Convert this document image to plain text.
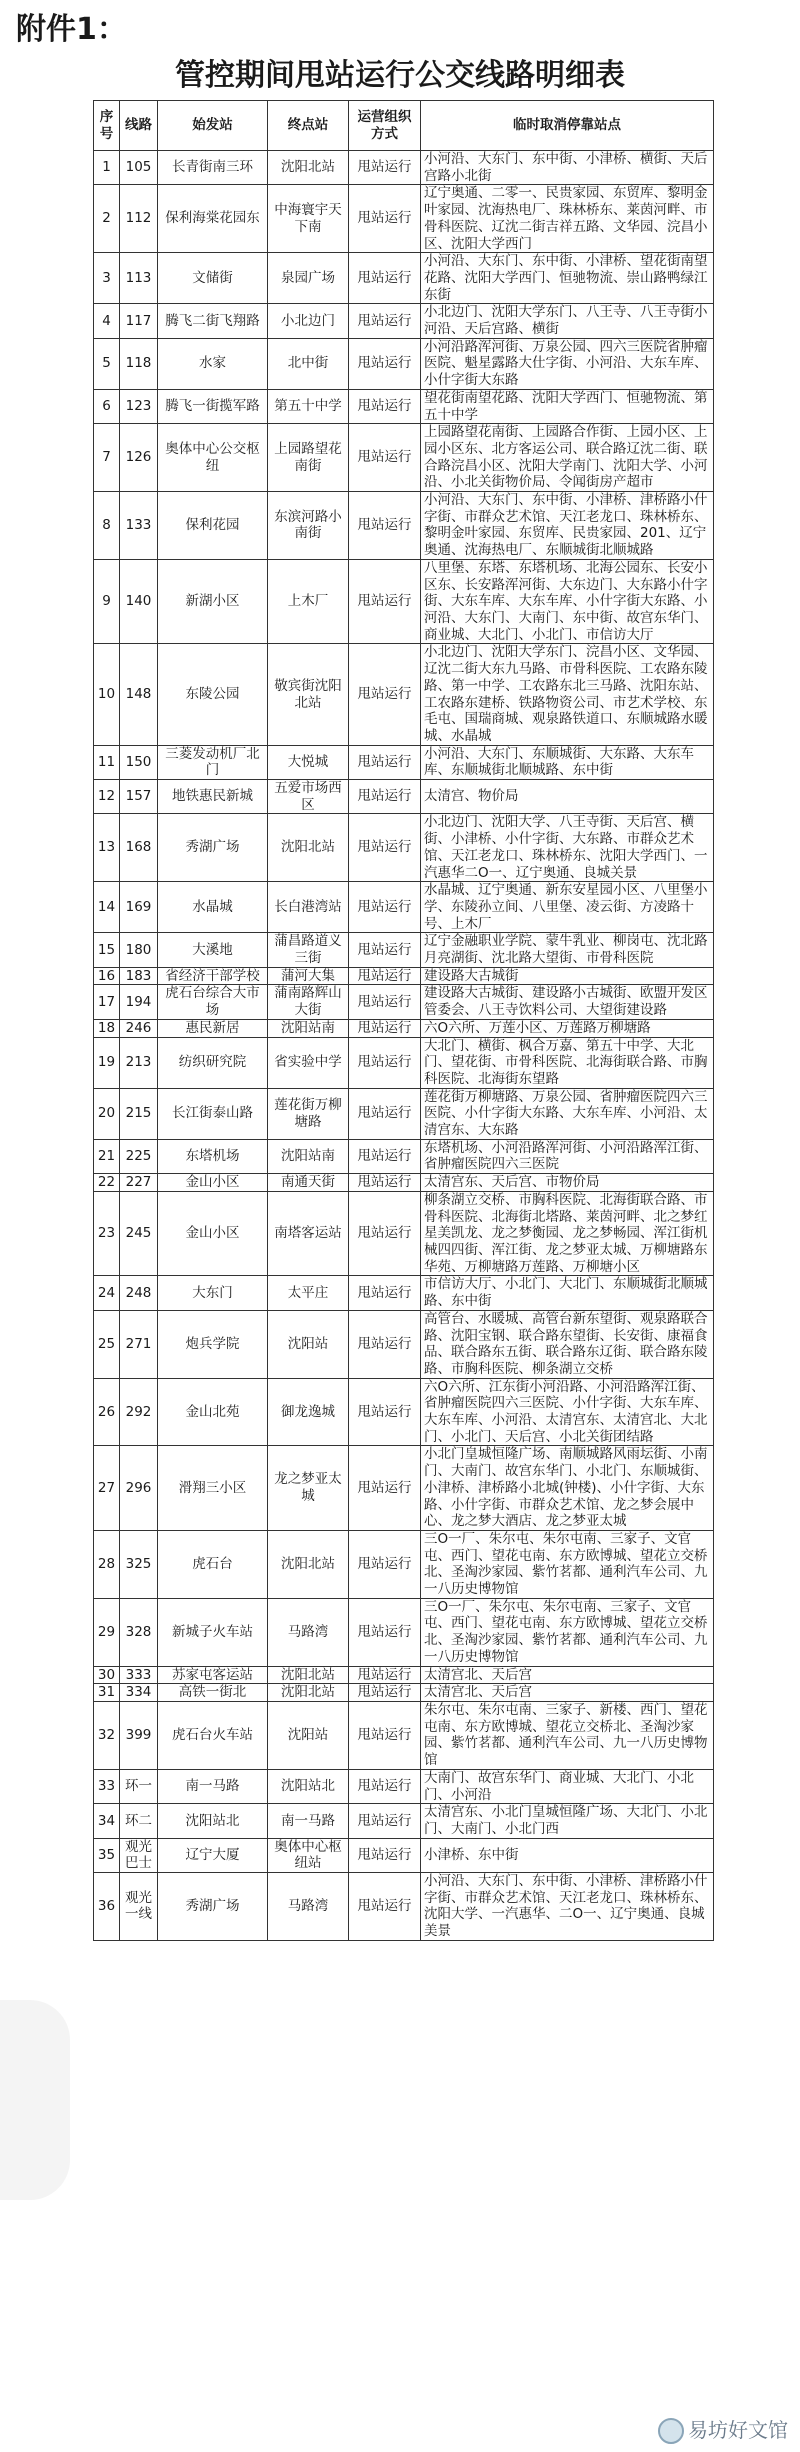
附件1：
管控期间甩站运行公交线路明细表
序号	线路	始发站	终点站	运营组织方式	临时取消停靠站点
1	105	长青街南三环	沈阳北站	甩站运行	小河沿、大东门、东中街、小津桥、横街、天后宫路小北街
2	112	保利海棠花园东	中海寰宇天下南	甩站运行	辽宁奥通、二零一、民贵家园、东贸库、黎明金叶家园、沈海热电厂、珠林桥东、莱茵河畔、市骨科医院、辽沈二街吉祥五路、文华园、浣昌小区、沈阳大学西门
3	113	文储街	泉园广场	甩站运行	小河沿、大东门、东中街、小津桥、望花街南望花路、沈阳大学西门、恒驰物流、崇山路鸭绿江东街
4	117	腾飞二街飞翔路	小北边门	甩站运行	小北边门、沈阳大学东门、八王寺、八王寺街小河沿、天后宫路、横街
5	118	水家	北中街	甩站运行	小河沿路浑河街、万泉公园、四六三医院省肿瘤医院、魁星露路大仕字街、小河沿、大东车库、小什字街大东路
6	123	腾飞一街揽军路	第五十中学	甩站运行	望花街南望花路、沈阳大学西门、恒驰物流、第五十中学
7	126	奥体中心公交枢纽	上园路望花南街	甩站运行	上园路望花南街、上园路合作街、上园小区、上园小区东、北方客运公司、联合路辽沈二街、联合路浣昌小区、沈阳大学南门、沈阳大学、小河沿、小北关街物价局、令闻街房产超市
8	133	保利花园	东滨河路小南街	甩站运行	小河沿、大东门、东中街、小津桥、津桥路小什字街、市群众艺术馆、天江老龙口、珠林桥东、黎明金叶家园、东贸库、民贵家园、201、辽宁奥通、沈海热电厂、东顺城街北顺城路
9	140	新湖小区	上木厂	甩站运行	八里堡、东塔、东塔机场、北海公园东、长安小区东、长安路浑河街、大东边门、大东路小什字街、大东车库、大东车库、小什字街大东路、小河沿、大东门、大南门、东中街、故宫东华门、商业城、大北门、小北门、市信访大厅
10	148	东陵公园	敬宾街沈阳北站	甩站运行	小北边门、沈阳大学东门、浣昌小区、文华园、辽沈二街大东九马路、市骨科医院、工农路东陵路、第一中学、工农路东北三马路、沈阳东站、工农路东建桥、铁路物资公司、市艺术学校、东毛屯、国瑞商城、观泉路铁道口、东顺城路水暖城、水晶城
11	150	三菱发动机厂北门	大悦城	甩站运行	小河沿、大东门、东顺城街、大东路、大东车库、东顺城街北顺城路、东中街
12	157	地铁惠民新城	五爱市场西区	甩站运行	太清宫、物价局
13	168	秀湖广场	沈阳北站	甩站运行	小北边门、沈阳大学、八王寺街、天后宫、横街、小津桥、小什字街、大东路、市群众艺术馆、天江老龙口、珠林桥东、沈阳大学西门、一汽惠华二O一、辽宁奥通、良城关景
14	169	水晶城	长白港湾站	甩站运行	水晶城、辽宁奥通、新东安星园小区、八里堡小学、东陵孙立间、八里堡、凌云街、方凌路十号、上木厂
15	180	大溪地	蒲昌路道义三街	甩站运行	辽宁金融职业学院、蒙牛乳业、柳岗屯、沈北路月亮湖街、沈北路大望街、市骨科医院
16	183	省经济干部学校	蒲河大集	甩站运行	建设路大古城街
17	194	虎石台综合大市场	蒲南路辉山大街	甩站运行	建设路大古城街、建设路小古城街、欧盟开发区管委会、八王寺饮料公司、大望街建设路
18	246	惠民新居	沈阳站南	甩站运行	六O六所、万莲小区、万莲路万柳塘路
19	213	纺织研究院	省实验中学	甩站运行	大北门、横街、枫合万嘉、第五十中学、大北门、望花街、市骨科医院、北海街联合路、市胸科医院、北海街东望路
20	215	长江街泰山路	莲花街万柳塘路	甩站运行	莲花街万柳塘路、万泉公园、省肿瘤医院四六三医院、小什字街大东路、大东车库、小河沿、太清宫东、大东路
21	225	东塔机场	沈阳站南	甩站运行	东塔机场、小河沿路浑河街、小河沿路浑江街、省肿瘤医院四六三医院
22	227	金山小区	南通天街	甩站运行	太清宫东、天后宫、市物价局
23	245	金山小区	南塔客运站	甩站运行	柳条湖立交桥、市胸科医院、北海街联合路、市骨科医院、北海街北塔路、莱茵河畔、北之梦红星美凯龙、龙之梦衡园、龙之梦畅园、浑江街机械四四街、浑江街、龙之梦亚太城、万柳塘路东华苑、万柳塘路万莲路、万柳塘小区
24	248	大东门	太平庄	甩站运行	市信访大厅、小北门、大北门、东顺城街北顺城路、东中街
25	271	炮兵学院	沈阳站	甩站运行	高管台、水暖城、高管台新东望街、观泉路联合路、沈阳宝钢、联合路东望街、长安街、康福食品、联合路东五街、联合路东辽街、联合路东陵路、市胸科医院、柳条湖立交桥
26	292	金山北苑	御龙逸城	甩站运行	六O六所、江东街小河沿路、小河沿路浑江街、省肿瘤医院四六三医院、小什字街、大东车库、大东车库、小河沿、太清宫东、太清宫北、大北门、小北门、天后宫、小北关街团结路
27	296	滑翔三小区	龙之梦亚太城	甩站运行	小北门皇城恒隆广场、南顺城路风雨坛街、小南门、大南门、故宫东华门、小北门、东顺城街、小津桥、津桥路小北城(钟楼)、小什字街、大东路、小什字街、市群众艺术馆、龙之梦会展中心、龙之梦大酒店、龙之梦亚太城
28	325	虎石台	沈阳北站	甩站运行	三O一厂、朱尔屯、朱尔屯南、三家子、文官屯、西门、望花屯南、东方欧博城、望花立交桥北、圣淘沙家园、紫竹茗都、通利汽车公司、九一八历史博物馆
29	328	新城子火车站	马路湾	甩站运行	三O一厂、朱尔屯、朱尔屯南、三家子、文官屯、西门、望花屯南、东方欧博城、望花立交桥北、圣淘沙家园、紫竹茗都、通利汽车公司、九一八历史博物馆
30	333	苏家屯客运站	沈阳北站	甩站运行	太清宫北、天后宫
31	334	高铁一街北	沈阳北站	甩站运行	太清宫北、天后宫
32	399	虎石台火车站	沈阳站	甩站运行	朱尔屯、朱尔屯南、三家子、新楼、西门、望花屯南、东方欧博城、望花立交桥北、圣淘沙家园、紫竹茗都、通利汽车公司、九一八历史博物馆
33	环一	南一马路	沈阳站北	甩站运行	大南门、故宫东华门、商业城、大北门、小北门、小河沿
34	环二	沈阳站北	南一马路	甩站运行	太清宫东、小北门皇城恒隆广场、大北门、小北门、大南门、小北门西
35	观光巴士	辽宁大厦	奥体中心枢纽站	甩站运行	小津桥、东中街
36	观光一线	秀湖广场	马路湾	甩站运行	小河沿、大东门、东中街、小津桥、津桥路小什字街、市群众艺术馆、天江老龙口、珠林桥东、沈阳大学、一汽惠华、二O一、辽宁奥通、良城美景
易坊好文馆
